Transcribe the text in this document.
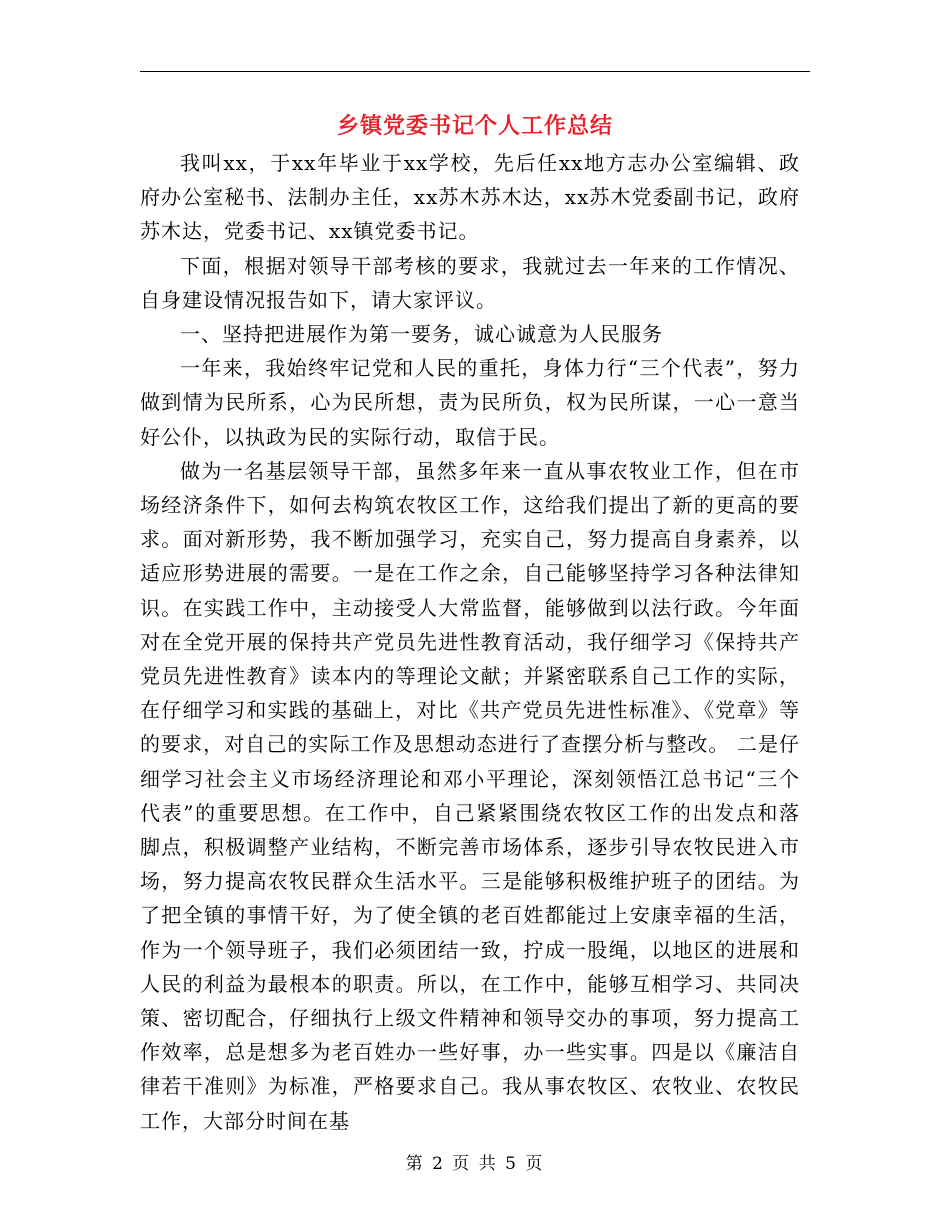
乡镇党委书记个人工作总结

我叫xx，于xx年毕业于xx学校，先后任xx地方志办公室编辑、政府办公室秘书、法制办主任，xx苏木苏木达，xx苏木党委副书记，政府苏木达，党委书记、xx镇党委书记。

下面，根据对领导干部考核的要求，我就过去一年来的工作情况、自身建设情况报告如下，请大家评议。

一、坚持把进展作为第一要务，诚心诚意为人民服务

一年来，我始终牢记党和人民的重托，身体力行“三个代表”，努力做到情为民所系，心为民所想，责为民所负，权为民所谋，一心一意当好公仆，以执政为民的实际行动，取信于民。

做为一名基层领导干部，虽然多年来一直从事农牧业工作，但在市场经济条件下，如何去构筑农牧区工作，这给我们提出了新的更高的要求。面对新形势，我不断加强学习，充实自己，努力提高自身素养，以适应形势进展的需要。一是在工作之余，自己能够坚持学习各种法律知识。在实践工作中，主动接受人大常监督，能够做到以法行政。今年面对在全党开展的保持共产党员先进性教育活动，我仔细学习《保持共产党员先进性教育》读本内的等理论文献；并紧密联系自己工作的实际，在仔细学习和实践的基础上，对比《共产党员先进性标准》、《党章》等的要求，对自己的实际工作及思想动态进行了查摆分析与整改。 二是仔细学习社会主义市场经济理论和邓小平理论，深刻领悟江总书记“三个代表”的重要思想。在工作中，自己紧紧围绕农牧区工作的出发点和落脚点，积极调整产业结构，不断完善市场体系，逐步引导农牧民进入市场，努力提高农牧民群众生活水平。三是能够积极维护班子的团结。为了把全镇的事情干好，为了使全镇的老百姓都能过上安康幸福的生活，作为一个领导班子，我们必须团结一致，拧成一股绳，以地区的进展和人民的利益为最根本的职责。所以，在工作中，能够互相学习、共同决策、密切配合，仔细执行上级文件精神和领导交办的事项，努力提高工作效率，总是想多为老百姓办一些好事，办一些实事。四是以《廉洁自律若干准则》为标准，严格要求自己。我从事农牧区、农牧业、农牧民工作，大部分时间在基

第 2 页 共 5 页
